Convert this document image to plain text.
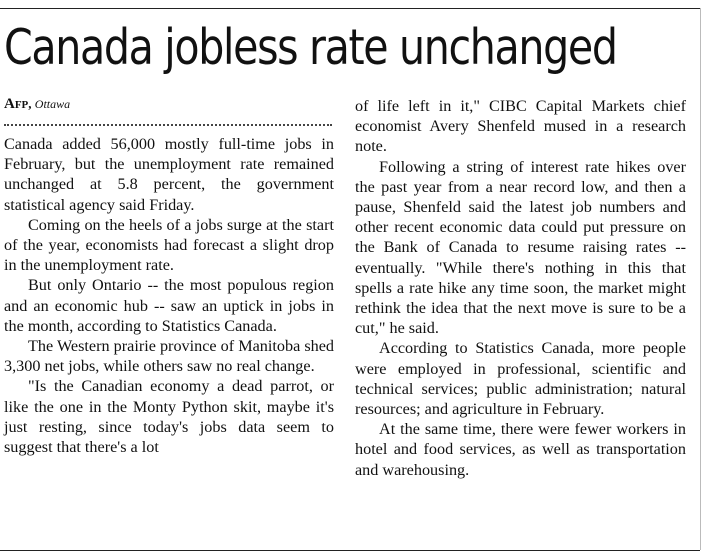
Canada jobless rate unchanged
Afp, Ottawa

Canada added 56,000 mostly full-time jobs in February, but the unemployment rate remained unchanged at 5.8 percent, the government statistical agency said Friday.

Coming on the heels of a jobs surge at the start of the year, economists had forecast a slight drop in the unemployment rate.

But only Ontario -- the most populous region and an economic hub -- saw an uptick in jobs in the month, according to Statistics Canada.

The Western prairie province of Manitoba shed 3,300 net jobs, while others saw no real change.

"Is the Canadian economy a dead parrot, or like the one in the Monty Python skit, maybe it's just resting, since today's jobs data seem to suggest that there's a lot

of life left in it," CIBC Capital Markets chief economist Avery Shenfeld mused in a research note.

Following a string of interest rate hikes over the past year from a near record low, and then a pause, Shenfeld said the latest job numbers and other recent economic data could put pressure on the Bank of Canada to resume raising rates -- eventually. "While there's nothing in this that spells a rate hike any time soon, the market might rethink the idea that the next move is sure to be a cut," he said.

According to Statistics Canada, more people were employed in professional, scientific and technical services; public administration; natural resources; and agriculture in February.

At the same time, there were fewer workers in hotel and food services, as well as transportation and warehousing.
